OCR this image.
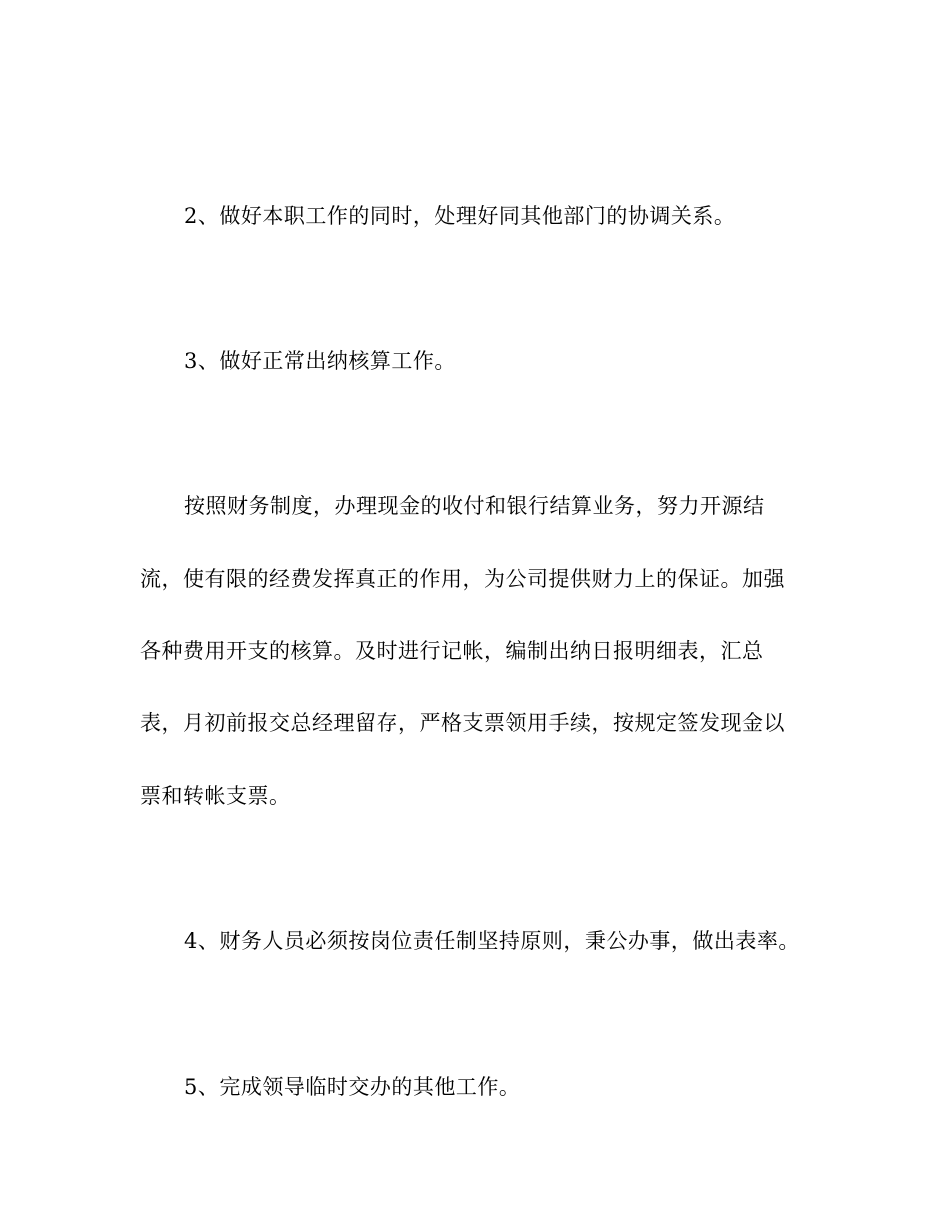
2、做好本职工作的同时，处理好同其他部门的协调关系。

3、做好正常出纳核算工作。

按照财务制度，办理现金的收付和银行结算业务，努力开源结

流，使有限的经费发挥真正的作用，为公司提供财力上的保证。加强

各种费用开支的核算。及时进行记帐，编制出纳日报明细表，汇总

表，月初前报交总经理留存，严格支票领用手续，按规定签发现金以

票和转帐支票。

4、财务人员必须按岗位责任制坚持原则，秉公办事，做出表率。

5、完成领导临时交办的其他工作。
